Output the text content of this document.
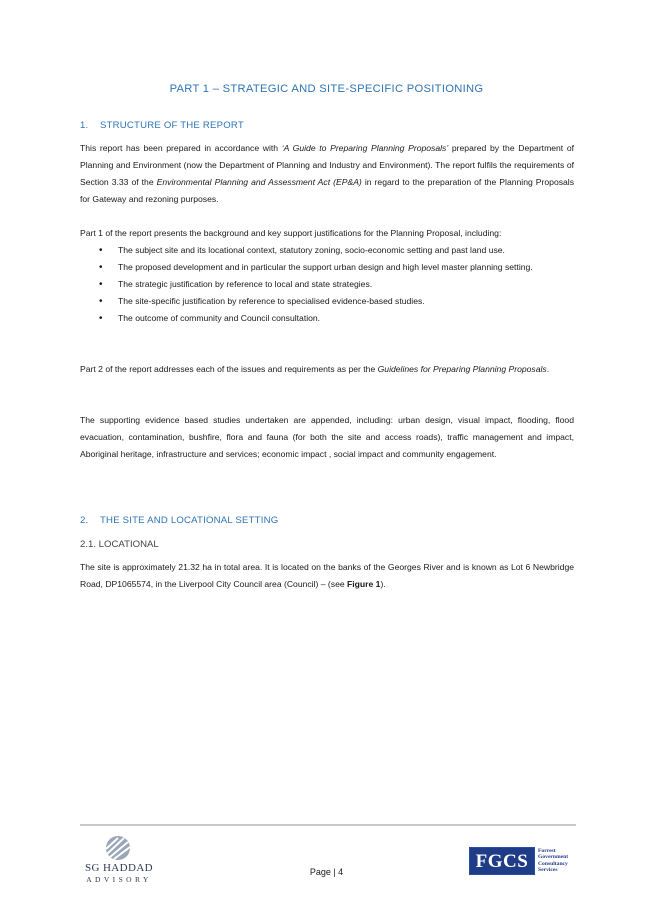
PART 1 – STRATEGIC AND SITE-SPECIFIC POSITIONING
1. STRUCTURE OF THE REPORT
This report has been prepared in accordance with ‘A Guide to Preparing Planning Proposals’ prepared by the Department of Planning and Environment (now the Department of Planning and Industry and Environment). The report fulfils the requirements of Section 3.33 of the Environmental Planning and Assessment Act (EP&A) in regard to the preparation of the Planning Proposals for Gateway and rezoning purposes.
Part 1 of the report presents the background and key support justifications for the Planning Proposal, including:
• The subject site and its locational context, statutory zoning, socio-economic setting and past land use.
• The proposed development and in particular the support urban design and high level master planning setting.
• The strategic justification by reference to local and state strategies.
• The site-specific justification by reference to specialised evidence-based studies.
• The outcome of community and Council consultation.
Part 2 of the report addresses each of the issues and requirements as per the Guidelines for Preparing Planning Proposals.
The supporting evidence based studies undertaken are appended, including: urban design, visual impact, flooding, flood evacuation, contamination, bushfire, flora and fauna (for both the site and access roads), traffic management and impact, Aboriginal heritage, infrastructure and services; economic impact , social impact and community engagement.
2. THE SITE AND LOCATIONAL SETTING
2.1. LOCATIONAL
The site is approximately 21.32 ha in total area. It is located on the banks of the Georges River and is known as Lot 6 Newbridge Road, DP1065574, in the Liverpool City Council area (Council) – (see Figure 1).
SG HADDAD
ADVISORY
Page | 4	FGCS	Forrest
Government
Consultancy
Services
